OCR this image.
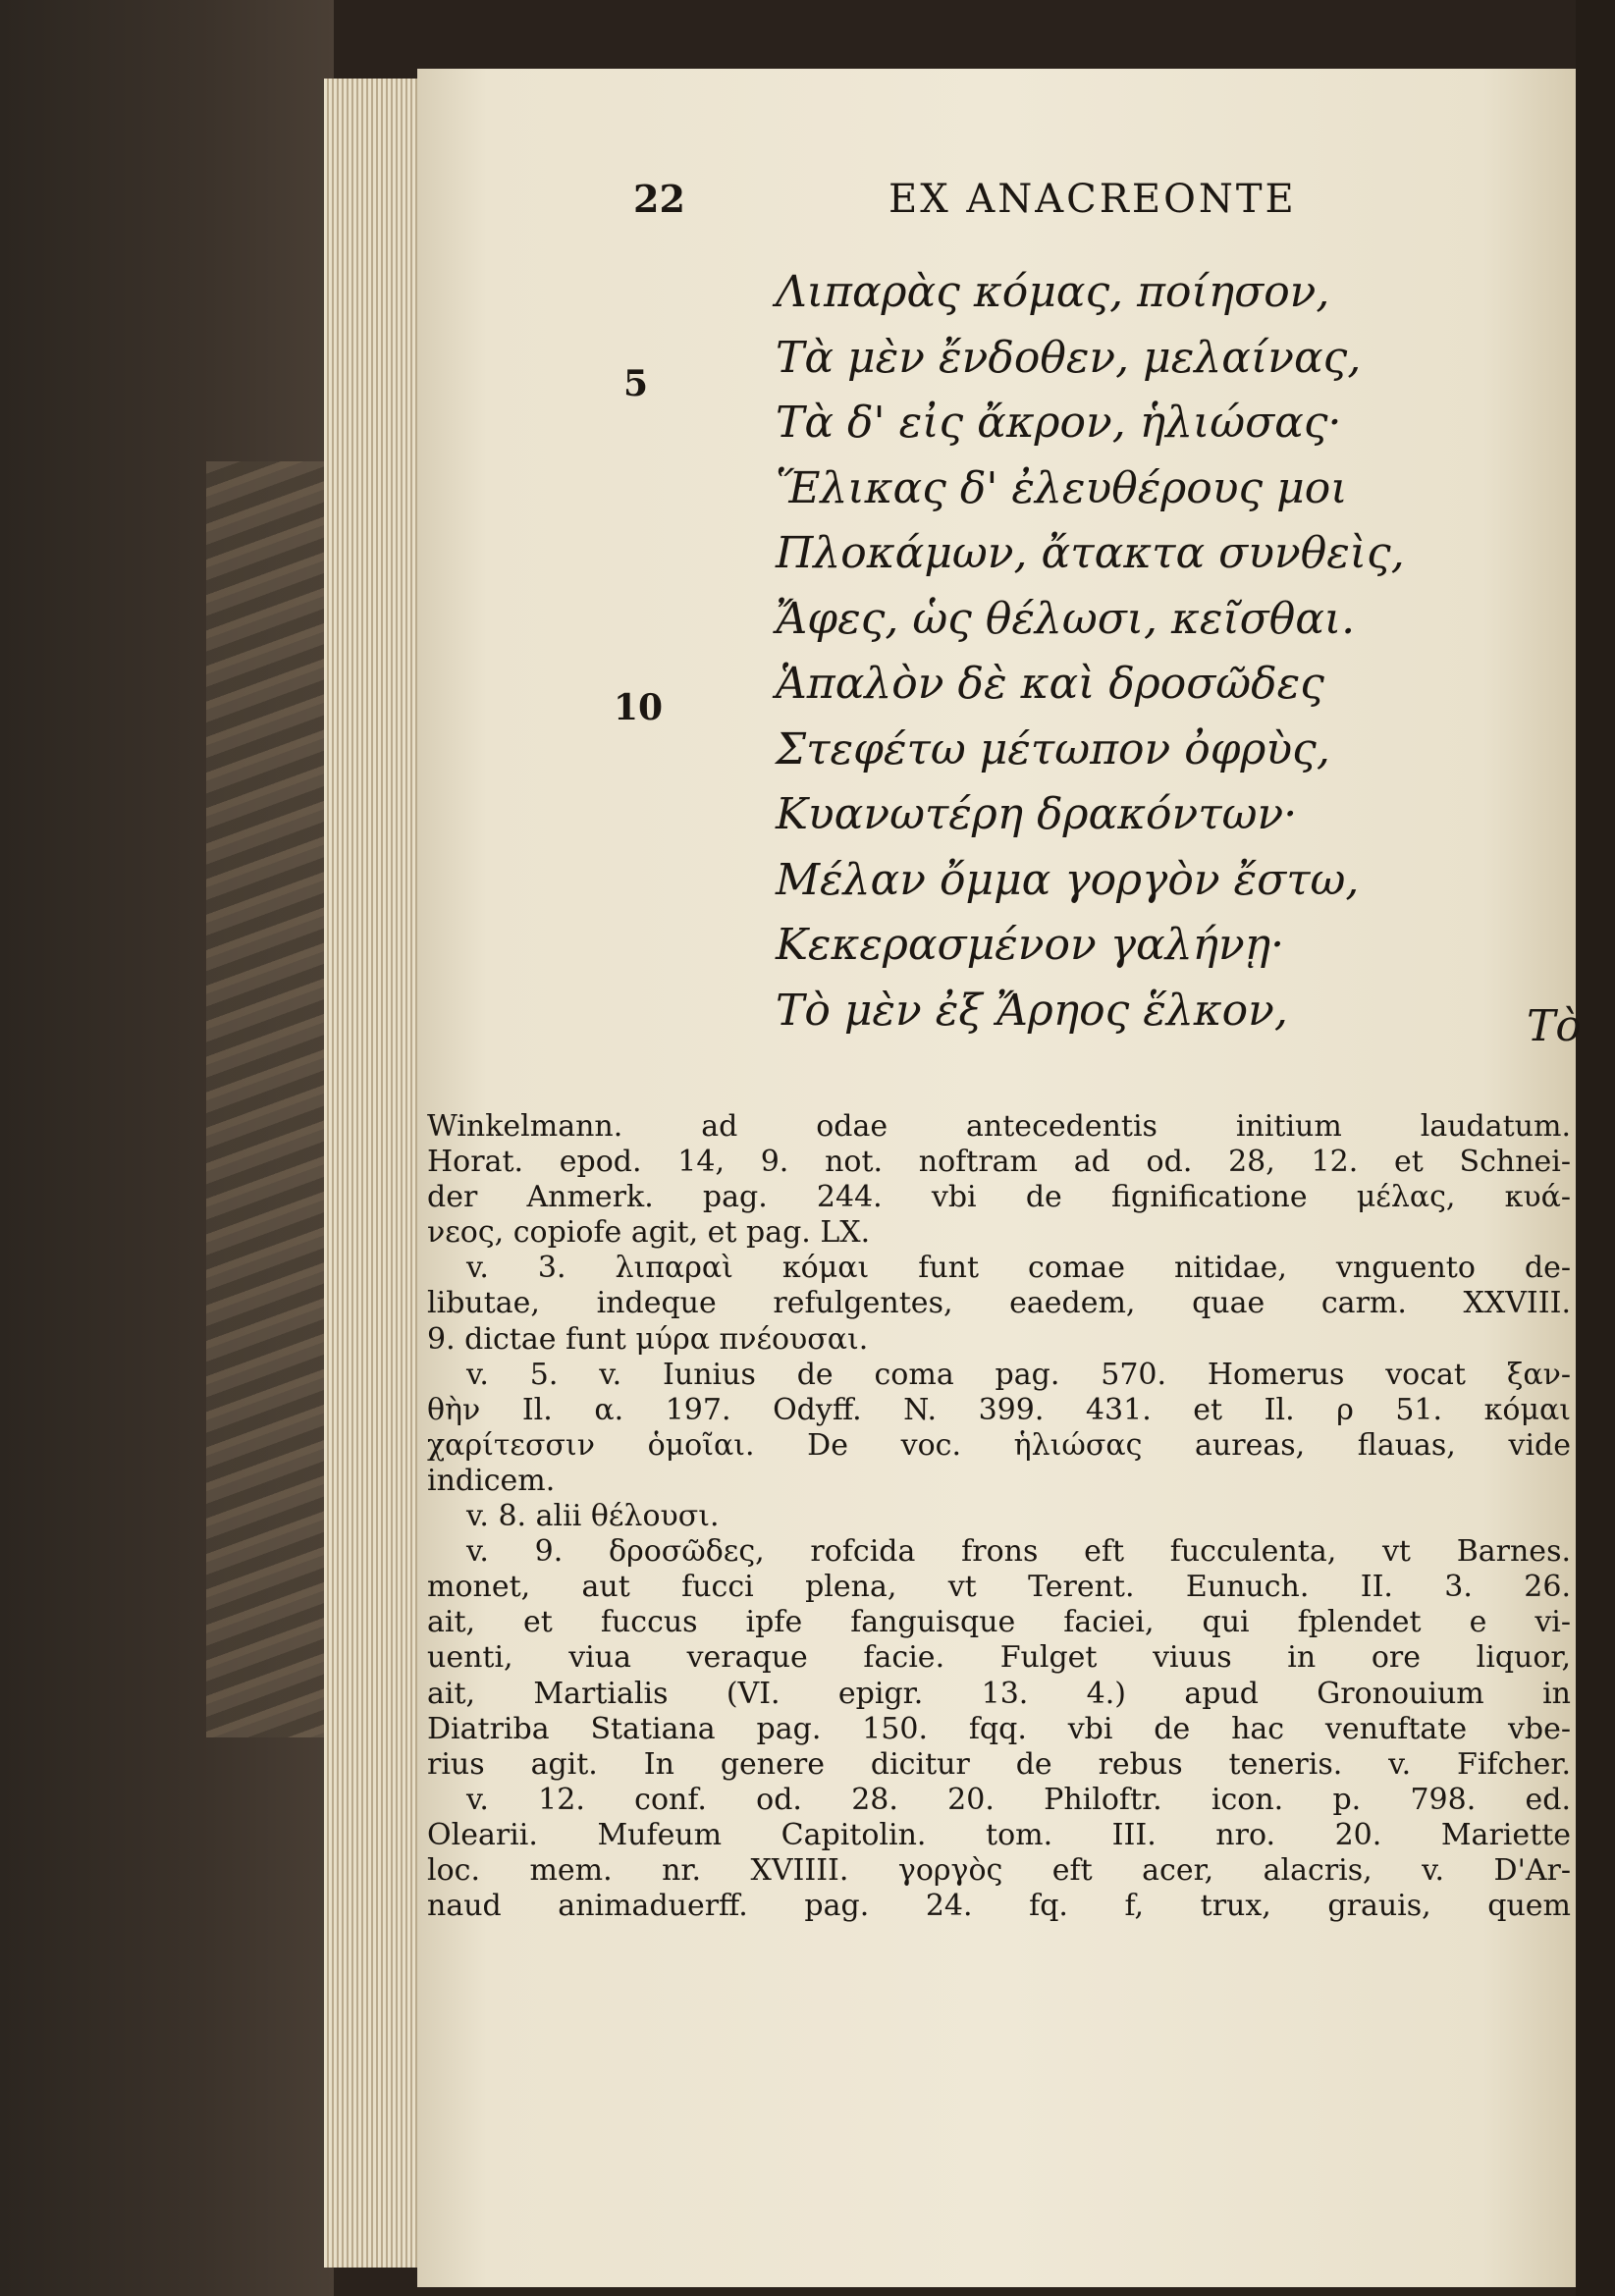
22	EX ANACREONTE
5
10
Λιπαρὰς κόμας, ποίησον,
Τὰ μὲν ἔνδοθεν, μελαίνας,
Τὰ δ' εἰς ἄκρον, ἡλιώσας·
Ἕλικας δ' ἐλευθέρους μοι
Πλοκάμων, ἄτακτα συνθεὶς,
Ἄφες, ὡς θέλωσι, κεῖσθαι.
Ἁπαλὸν δὲ καὶ δροσῶδες
Στεφέτω μέτωπον ὀφρὺς,
Κυανωτέρη δρακόντων·
Μέλαν ὄμμα γοργὸν ἔστω,
Κεκερασμένον γαλήνῃ·
Τὸ μὲν ἐξ Ἄρηος ἕλκον,	Τὸ

Winkelmann. ad odae antecedentis initium laudatum.

Horat. epod. 14, 9. not. noftram ad od. 28, 12. et Schnei-

der Anmerk. pag. 244. vbi de fignificatione μέλας, κυά-

νεος, copiofe agit, et pag. LX.

v. 3. λιπαραὶ κόμαι funt comae nitidae, vnguento de-

libutae, indeque refulgentes, eaedem, quae carm. XXVIII.

9. dictae funt μύρα πνέουσαι.

v. 5. v. Iunius de coma pag. 570. Homerus vocat ξαν-

θὴν Il. α. 197. Odyff. N. 399. 431. et Il. ρ 51. κόμαι

χαρίτεσσιν ὁμοῖαι. De voc. ἡλιώσας aureas, flauas, vide

indicem.

v. 8. alii θέλουσι.

v. 9. δροσῶδες, rofcida frons eft fucculenta, vt Barnes.

monet, aut fucci plena, vt Terent. Eunuch. II. 3. 26.

ait, et fuccus ipfe fanguisque faciei, qui fplendet e vi-

uenti, viua veraque facie. Fulget viuus in ore liquor,

ait, Martialis (VI. epigr. 13. 4.) apud Gronouium in

Diatriba Statiana pag. 150. fqq. vbi de hac venuftate vbe-

rius agit. In genere dicitur de rebus teneris. v. Fifcher.

v. 12. conf. od. 28. 20. Philoftr. icon. p. 798. ed.

Olearii. Mufeum Capitolin. tom. III. nro. 20. Mariette

loc. mem. nr. XVIIII. γοργὸς eft acer, alacris, v. D'Ar-

naud animaduerff. pag. 24. fq. f, trux, grauis, quem
